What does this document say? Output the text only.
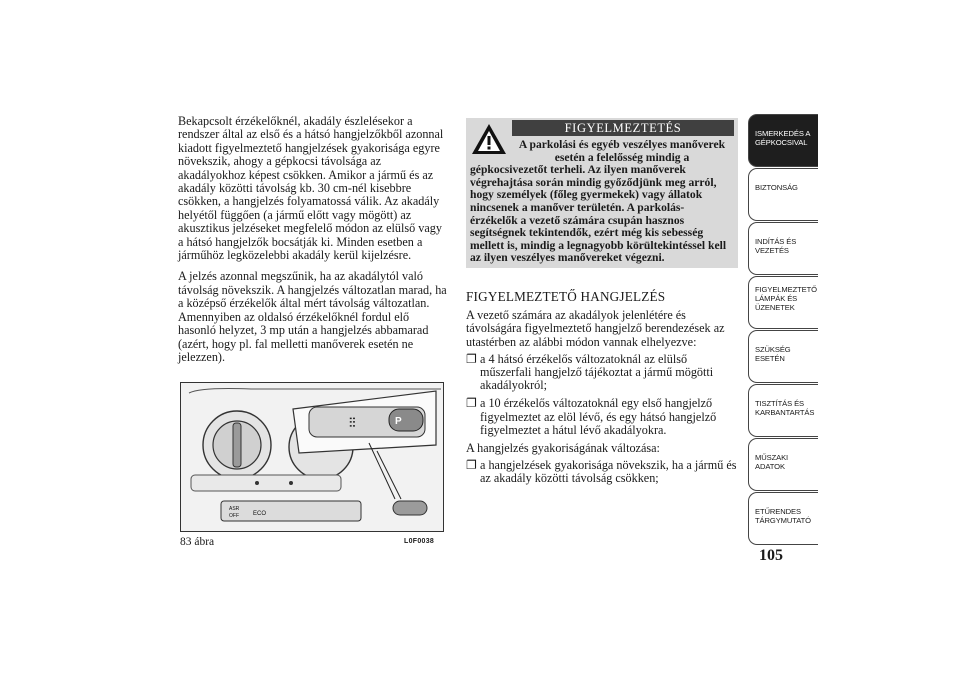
Bekapcsolt érzékelőknél, akadály észlelésekor a rendszer által az első és a hátsó hangjelzőkből azonnal kiadott figyelmeztető hangjelzések gyakorisága egyre növekszik, ahogy a gépkocsi távolsága az akadályokhoz képest csökken. Amikor a jármű és az akadály közötti távolság kb. 30 cm-nél kisebbre csökken, a hangjelzés folyamatossá válik. Az akadály helyétől függően (a jármű előtt vagy mögött) az akusztikus jelzéseket megfelelő módon az elülső vagy a hátsó hangjelzők bocsátják ki. Minden esetben a járműhöz legközelebbi akadály kerül kijelzésre.

A jelzés azonnal megszűnik, ha az akadálytól való távolság növekszik. A hangjelzés változatlan marad, ha a középső érzékelők által mért távolság változatlan. Amennyiben az oldalsó érzékelőknél fordul elő hasonló helyzet, 3 mp után a hangjelzés abbamarad (azért, hogy pl. fal melletti manőverek esetén ne jelezzen).

ASR
OFF ECO
⫶⫶	P
83 ábra	L0F0038
FIGYELMEZTETÉS
A parkolási és egyéb veszélyes manőverek esetén a felelősség mindig a
gépkocsivezetőt terheli. Az ilyen manőverek végrehajtása során mindig győződjünk meg arról, hogy személyek (főleg gyermekek) vagy állatok nincsenek a manőver területén. A parkolás-érzékelők a vezető számára csupán hasznos segítségnek tekintendők, ezért még kis sebesség mellett is, mindig a legnagyobb körültekintéssel kell az ilyen veszélyes manővereket végezni.
FIGYELMEZTETŐ HANGJELZÉS

A vezető számára az akadályok jelenlétére és távolságára figyelmeztető hangjelző berendezések az utastérben az alábbi módon vannak elhelyezve:

❐ a 4 hátsó érzékelős változatoknál az elülső műszerfali hangjelző tájékoztat a jármű mögötti akadályokról;
❐ a 10 érzékelős változatoknál egy első hangjelző figyelmeztet az elöl lévő, és egy hátsó hangjelző figyelmeztet a hátul lévő akadályokra.

A hangjelzés gyakoriságának változása:

❐ a hangjelzések gyakorisága növekszik, ha a jármű és az akadály közötti távolság csökken;
ISMERKEDÉS A
GÉPKOCSIVAL
BIZTONSÁG
INDÍTÁS ÉS
VEZETÉS
FIGYELMEZTETŐ
LÁMPÁK ÉS
ÜZENETEK
SZÜKSÉG ESETÉN
TISZTÍTÁS ÉS
KARBANTARTÁS
MŰSZAKI ADATOK
ETŰRENDES
TÁRGYMUTATÓ
105
